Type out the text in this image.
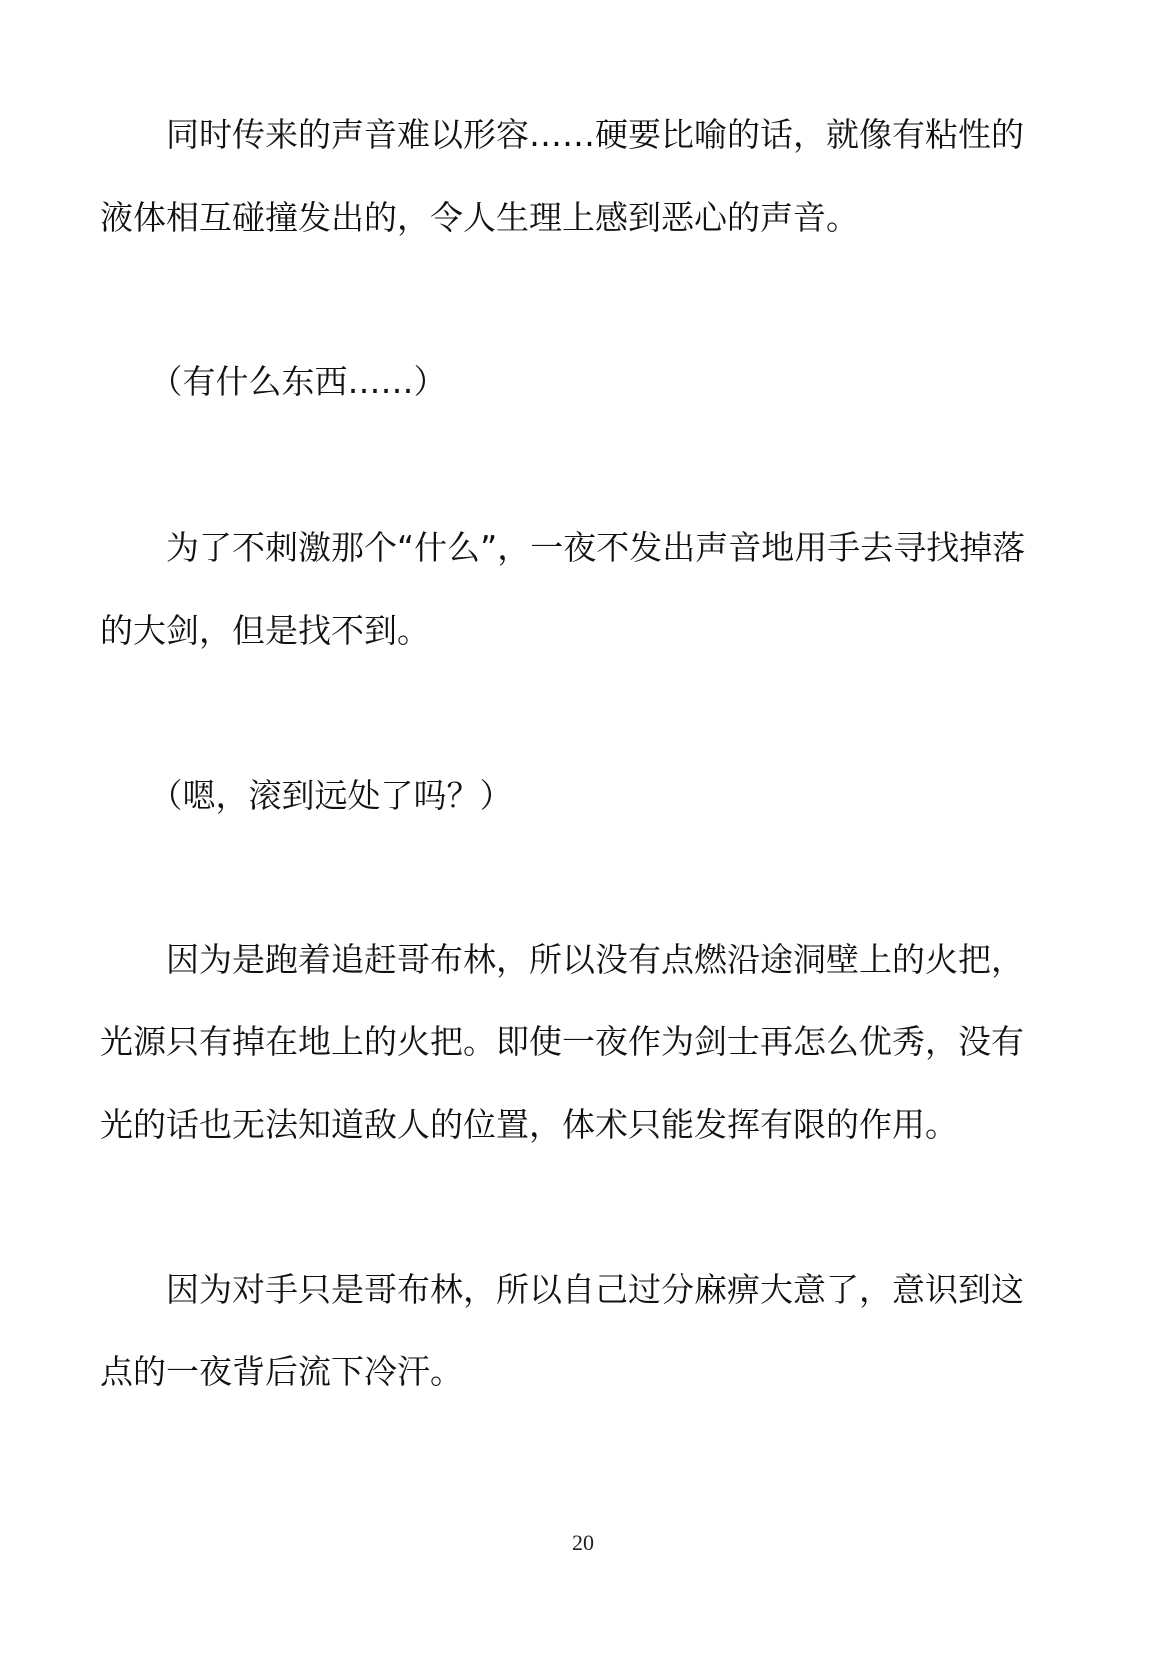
　　同时传来的声音难以形容……硬要比喻的话，就像有粘性的
液体相互碰撞发出的，令人生理上感到恶心的声音。
　　（有什么东西……）
　　为了不刺激那个“什么”，一夜不发出声音地用手去寻找掉落
的大剑，但是找不到。
　　（嗯，滚到远处了吗？）
　　因为是跑着追赶哥布林，所以没有点燃沿途洞壁上的火把，
光源只有掉在地上的火把。即使一夜作为剑士再怎么优秀，没有
光的话也无法知道敌人的位置，体术只能发挥有限的作用。
　　因为对手只是哥布林，所以自己过分麻痹大意了，意识到这
点的一夜背后流下冷汗。
20
